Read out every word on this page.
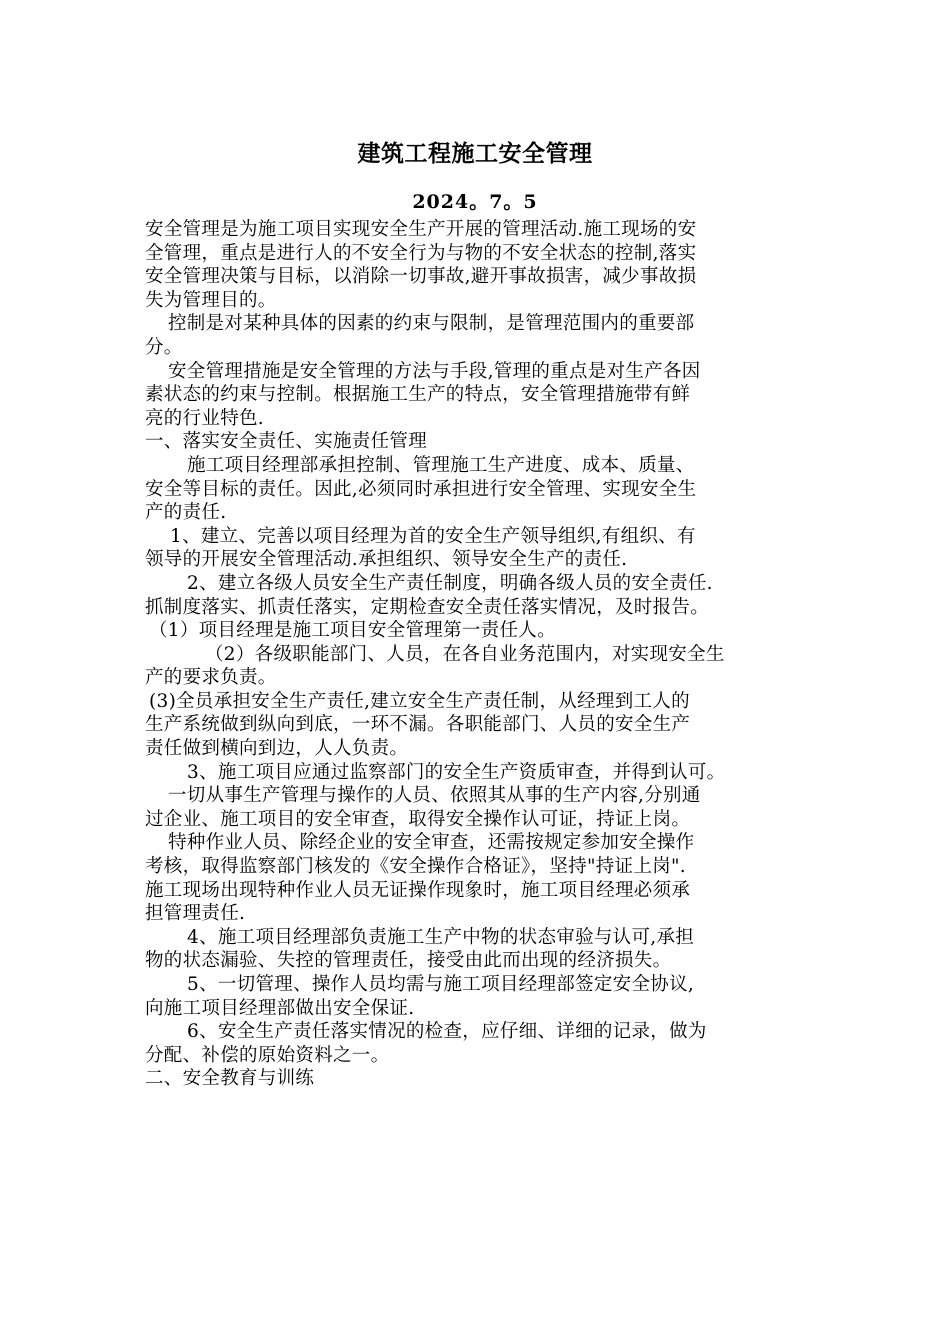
建筑工程施工安全管理
2024。7。5
安全管理是为施工项目实现安全生产开展的管理活动.施工现场的安
全管理，重点是进行人的不安全行为与物的不安全状态的控制,落实
安全管理决策与目标，以消除一切事故,避开事故损害，减少事故损
失为管理目的。
控制是对某种具体的因素的约束与限制，是管理范围内的重要部
分。
安全管理措施是安全管理的方法与手段,管理的重点是对生产各因
素状态的约束与控制。根据施工生产的特点，安全管理措施带有鲜
亮的行业特色.
一、落实安全责任、实施责任管理
施工项目经理部承担控制、管理施工生产进度、成本、质量、
安全等目标的责任。因此,必须同时承担进行安全管理、实现安全生
产的责任.
1、建立、完善以项目经理为首的安全生产领导组织,有组织、有
领导的开展安全管理活动.承担组织、领导安全生产的责任.
2、建立各级人员安全生产责任制度，明确各级人员的安全责任.
抓制度落实、抓责任落实，定期检查安全责任落实情况，及时报告。
（1）项目经理是施工项目安全管理第一责任人。
（2）各级职能部门、人员，在各自业务范围内，对实现安全生
产的要求负责。
(3)全员承担安全生产责任,建立安全生产责任制，从经理到工人的
生产系统做到纵向到底，一环不漏。各职能部门、人员的安全生产
责任做到横向到边，人人负责。
3、施工项目应通过监察部门的安全生产资质审查，并得到认可。
一切从事生产管理与操作的人员、依照其从事的生产内容,分别通
过企业、施工项目的安全审查，取得安全操作认可证，持证上岗。
特种作业人员、除经企业的安全审查，还需按规定参加安全操作
考核，取得监察部门核发的《安全操作合格证》，坚持"持证上岗".
施工现场出现特种作业人员无证操作现象时，施工项目经理必须承
担管理责任.
4、施工项目经理部负责施工生产中物的状态审验与认可,承担
物的状态漏验、失控的管理责任，接受由此而出现的经济损失。
5、一切管理、操作人员均需与施工项目经理部签定安全协议,
向施工项目经理部做出安全保证.
6、安全生产责任落实情况的检查，应仔细、详细的记录，做为
分配、补偿的原始资料之一。
二、安全教育与训练
